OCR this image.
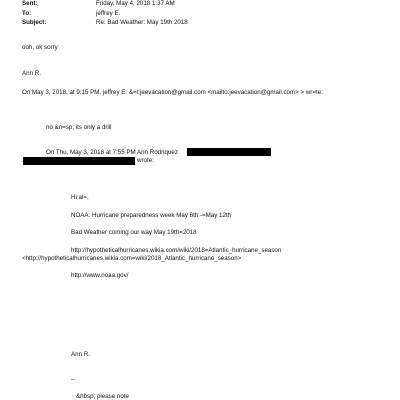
Sent:	Friday, May 4, 2018 1:37 AM
To:	jeffrey E.
Subject:	Re: Bad Weather: May 19th 2018
ooh, ok sorry
Ann R.
On May 3, 2018, at 9:15 PM, jeffrey E. &=t;jeevacation@gmail.com <mailto:jeevacation@gmail.com> > wr=te:
no &n=sp; its only a drill
On Thu, May 3, 2018 at 7:55 PM Ann Rodriquez
wrote:
Hi al=,
NOAA: Hurricane preparedness week May 6th -=May 12th
Bad Weather coming our way May 19th=2018
http://hypotheticalhurricanes.wikia.com/wiki/2018=Atlantic_hurricane_season
<http://hypotheticalhurricanes.wikia.com=wiki/2018_Atlantic_hurricane_season>
http://www.noaa.gov/
Ann R.
--
&nbsp; please note
